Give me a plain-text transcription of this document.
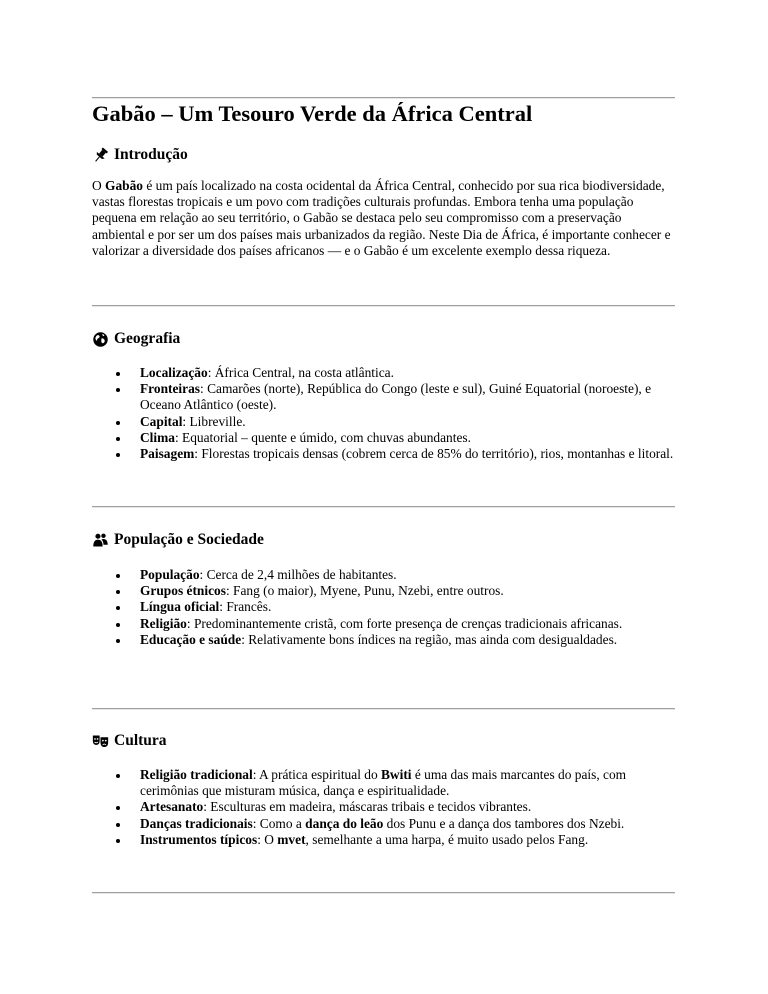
Gabão – Um Tesouro Verde da África Central
Introdução

O Gabão é um país localizado na costa ocidental da África Central, conhecido por sua rica biodiversidade, vastas florestas tropicais e um povo com tradições culturais profundas. Embora tenha uma população pequena em relação ao seu território, o Gabão se destaca pelo seu compromisso com a preservação ambiental e por ser um dos países mais urbanizados da região. Neste Dia de África, é importante conhecer e valorizar a diversidade dos países africanos — e o Gabão é um excelente exemplo dessa riqueza.

Geografia
Localização: África Central, na costa atlântica.
Fronteiras: Camarões (norte), República do Congo (leste e sul), Guiné Equatorial (noroeste), e Oceano Atlântico (oeste).
Capital: Libreville.
Clima: Equatorial – quente e úmido, com chuvas abundantes.
Paisagem: Florestas tropicais densas (cobrem cerca de 85% do território), rios, montanhas e litoral.
População e Sociedade
População: Cerca de 2,4 milhões de habitantes.
Grupos étnicos: Fang (o maior), Myene, Punu, Nzebi, entre outros.
Língua oficial: Francês.
Religião: Predominantemente cristã, com forte presença de crenças tradicionais africanas.
Educação e saúde: Relativamente bons índices na região, mas ainda com desigualdades.
Cultura
Religião tradicional: A prática espiritual do Bwiti é uma das mais marcantes do país, com cerimônias que misturam música, dança e espiritualidade.
Artesanato: Esculturas em madeira, máscaras tribais e tecidos vibrantes.
Danças tradicionais: Como a dança do leão dos Punu e a dança dos tambores dos Nzebi.
Instrumentos típicos: O mvet, semelhante a uma harpa, é muito usado pelos Fang.
